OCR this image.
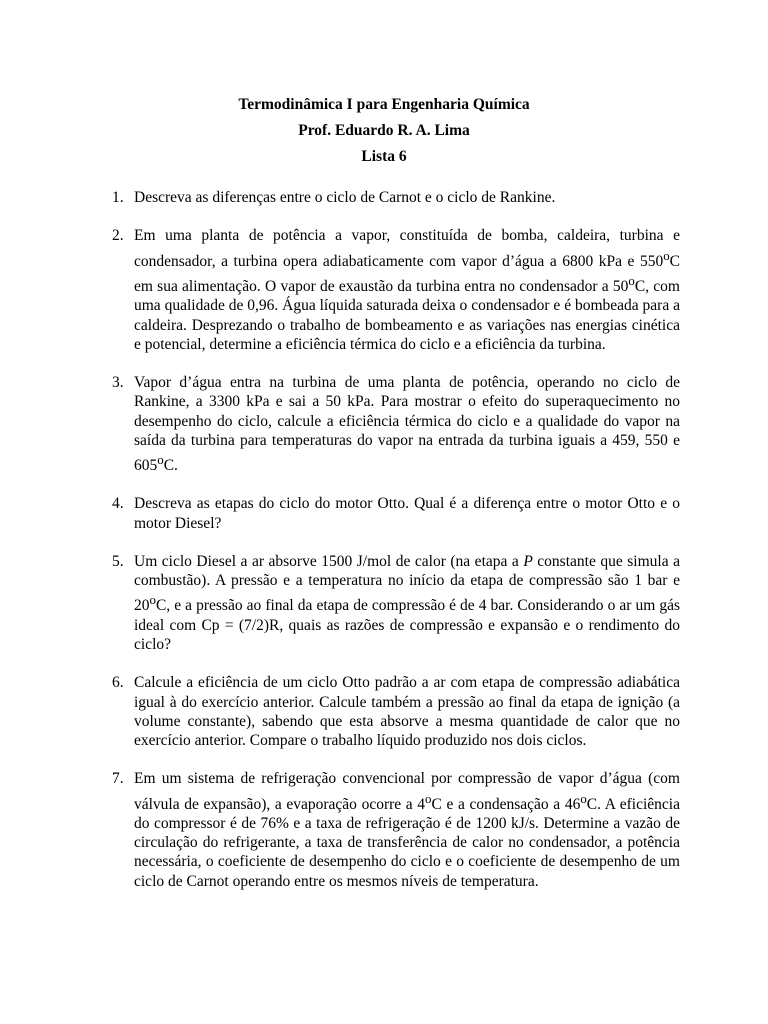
Termodinâmica I para Engenharia Química
Prof. Eduardo R. A. Lima
Lista 6
1. Descreva as diferenças entre o ciclo de Carnot e o ciclo de Rankine.
2. Em uma planta de potência a vapor, constituída de bomba, caldeira, turbina e condensador, a turbina opera adiabaticamente com vapor d’água a 6800 kPa e 550$^o$C em sua alimentação. O vapor de exaustão da turbina entra no condensador a 50$^o$C, com uma qualidade de 0,96. Água líquida saturada deixa o condensador e é bombeada para a caldeira. Desprezando o trabalho de bombeamento e as variações nas energias cinética e potencial, determine a eficiência térmica do ciclo e a eficiência da turbina.
3. Vapor d’água entra na turbina de uma planta de potência, operando no ciclo de Rankine, a 3300 kPa e sai a 50 kPa. Para mostrar o efeito do superaquecimento no desempenho do ciclo, calcule a eficiência térmica do ciclo e a qualidade do vapor na saída da turbina para temperaturas do vapor na entrada da turbina iguais a 459, 550 e 605$^o$C.
4. Descreva as etapas do ciclo do motor Otto. Qual é a diferença entre o motor Otto e o motor Diesel?
5. Um ciclo Diesel a ar absorve 1500 J/mol de calor (na etapa a P constante que simula a combustão). A pressão e a temperatura no início da etapa de compressão são 1 bar e 20$^o$C, e a pressão ao final da etapa de compressão é de 4 bar. Considerando o ar um gás ideal com Cp = (7/2)R, quais as razões de compressão e expansão e o rendimento do ciclo?
6. Calcule a eficiência de um ciclo Otto padrão a ar com etapa de compressão adiabática igual à do exercício anterior. Calcule também a pressão ao final da etapa de ignição (a volume constante), sabendo que esta absorve a mesma quantidade de calor que no exercício anterior. Compare o trabalho líquido produzido nos dois ciclos.
7. Em um sistema de refrigeração convencional por compressão de vapor d’água (com válvula de expansão), a evaporação ocorre a 4$^o$C e a condensação a 46$^o$C. A eficiência do compressor é de 76% e a taxa de refrigeração é de 1200 kJ/s. Determine a vazão de circulação do refrigerante, a taxa de transferência de calor no condensador, a potência necessária, o coeficiente de desempenho do ciclo e o coeficiente de desempenho de um ciclo de Carnot operando entre os mesmos níveis de temperatura.
